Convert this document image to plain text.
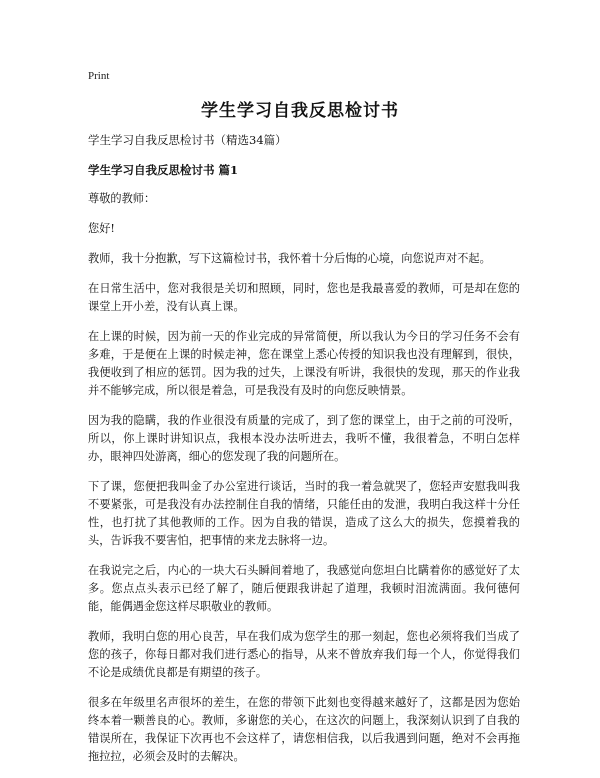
Print
学生学习自我反思检讨书

学生学习自我反思检讨书（精选34篇）

学生学习自我反思检讨书 篇1

尊敬的教师：

您好!

教师，我十分抱歉，写下这篇检讨书，我怀着十分后悔的心境，向您说声对不起。

在日常生活中，您对我很是关切和照顾，同时，您也是我最喜爱的教师，可是却在您的课堂上开小差，没有认真上课。

在上课的时候，因为前一天的作业完成的异常简便，所以我认为今日的学习任务不会有多难，于是便在上课的时候走神，您在课堂上悉心传授的知识我也没有理解到，很快，我便收到了相应的惩罚。因为我的过失，上课没有听讲，我很快的发现，那天的作业我并不能够完成，所以很是着急，可是我没有及时的向您反映情景。

因为我的隐瞒，我的作业很没有质量的完成了，到了您的课堂上，由于之前的可没听，所以，你上课时讲知识点，我根本没办法听进去，我听不懂，我很着急，不明白怎样办，眼神四处游离，细心的您发现了我的问题所在。

下了课，您便把我叫金了办公室进行谈话，当时的我一着急就哭了，您轻声安慰我叫我不要紧张，可是我没有办法控制住自我的情绪，只能任由的发泄，我明白我这样十分任性，也打扰了其他教师的工作。因为自我的错误，造成了这么大的损失，您摸着我的头，告诉我不要害怕，把事情的来龙去脉将一边。

在我说完之后，内心的一块大石头瞬间着地了，我感觉向您坦白比瞒着你的感觉好了太多。您点点头表示已经了解了，随后便跟我讲起了道理，我顿时泪流满面。我何德何能，能偶遇金您这样尽职敬业的教师。

教师，我明白您的用心良苦，早在我们成为您学生的那一刻起，您也必须将我们当成了您的孩子，你每日都对我们进行悉心的指导，从来不曾放弃我们每一个人，你觉得我们不论是成绩优良都是有期望的孩子。

很多在年级里名声很坏的差生，在您的带领下此刻也变得越来越好了，这都是因为您始终本着一颗善良的心。教师，多谢您的关心，在这次的问题上，我深刻认识到了自我的错误所在，我保证下次再也不会这样了，请您相信我，以后我遇到问题，绝对不会再拖拖拉拉，必须会及时的去解决。
